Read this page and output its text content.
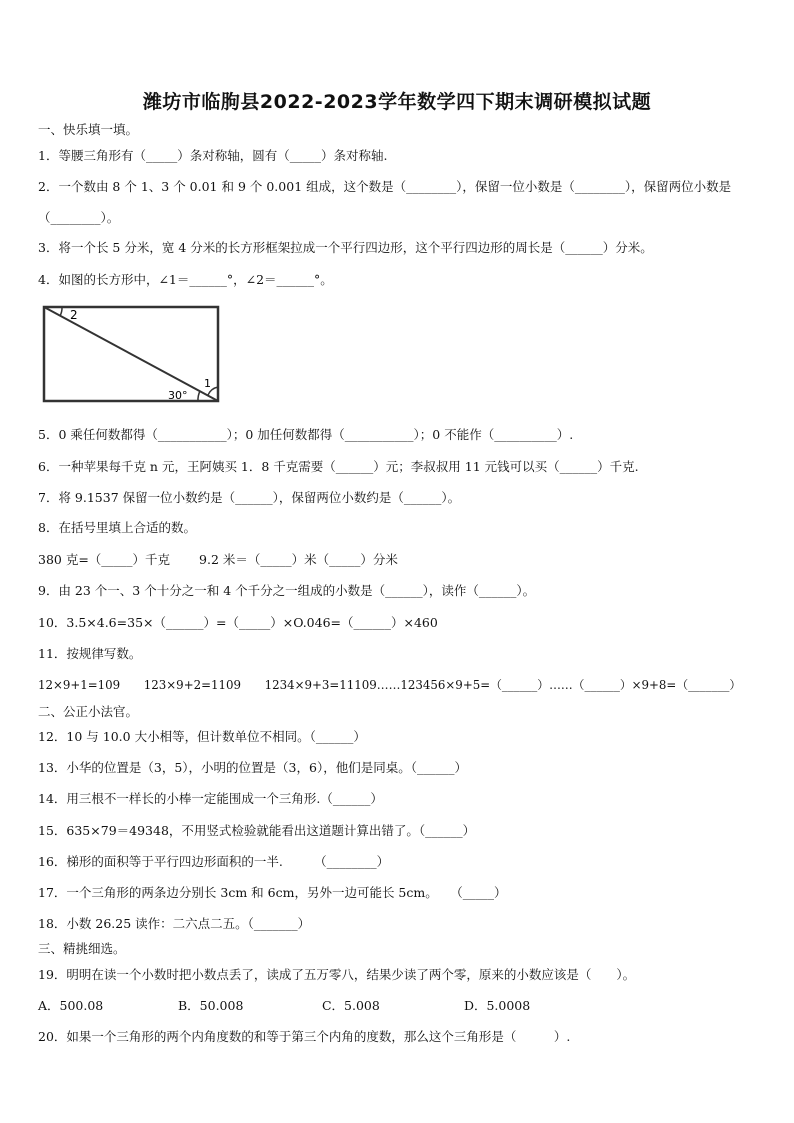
潍坊市临朐县2022-2023学年数学四下期末调研模拟试题
一、快乐填一填。
1．等腰三角形有（_____）条对称轴，圆有（_____）条对称轴.
2．一个数由 8 个 1、3 个 0.01 和 9 个 0.001 组成，这个数是（________），保留一位小数是（________），保留两位小数是（________）。
3．将一个长 5 分米，宽 4 分米的长方形框架拉成一个平行四边形，这个平行四边形的周长是（______）分米。
4．如图的长方形中，∠1＝______°，∠2＝______°。
2
1
30°
5．0 乘任何数都得（___________）；0 加任何数都得（___________）；0 不能作（__________）.
6．一种苹果每千克 n 元，王阿姨买 1．8 千克需要（______）元；李叔叔用 11 元钱可以买（______）千克.
7．将 9.1537 保留一位小数约是（______），保留两位小数约是（______）。
8．在括号里填上合适的数。
380 克=（_____）千克　　 9.2 米＝（_____）米（_____）分米
9．由 23 个一、3 个十分之一和 4 个千分之一组成的小数是（______），读作（______）。
10．3.5×4.6=35×（______）=（_____）×O.046=（______）×460
11．按规律写数。
12×9+1=109　　123×9+2=1109　　1234×9+3=11109……123456×9+5=（______）……（______）×9+8=（_______）
二、公正小法官。
12．10 与 10.0 大小相等，但计数单位不相同。（______）
13．小华的位置是（3，5），小明的位置是（3，6），他们是同桌。（______）
14．用三根不一样长的小棒一定能围成一个三角形.（______）
15．635×79＝49348，不用竖式检验就能看出这道题计算出错了。（______）
16．梯形的面积等于平行四边形面积的一半.　　　（________）
17．一个三角形的两条边分别长 3cm 和 6cm，另外一边可能长 5cm。　　（_____）
18．小数 26.25 读作：二六点二五。（_______）
三、精挑细选。
19．明明在读一个小数时把小数点丢了，读成了五万零八，结果少读了两个零，原来的小数应该是（　　）。
A．500.08	B．50.008	C．5.008	D．5.0008
20．如果一个三角形的两个内角度数的和等于第三个内角的度数，那么这个三角形是（　　　）.
